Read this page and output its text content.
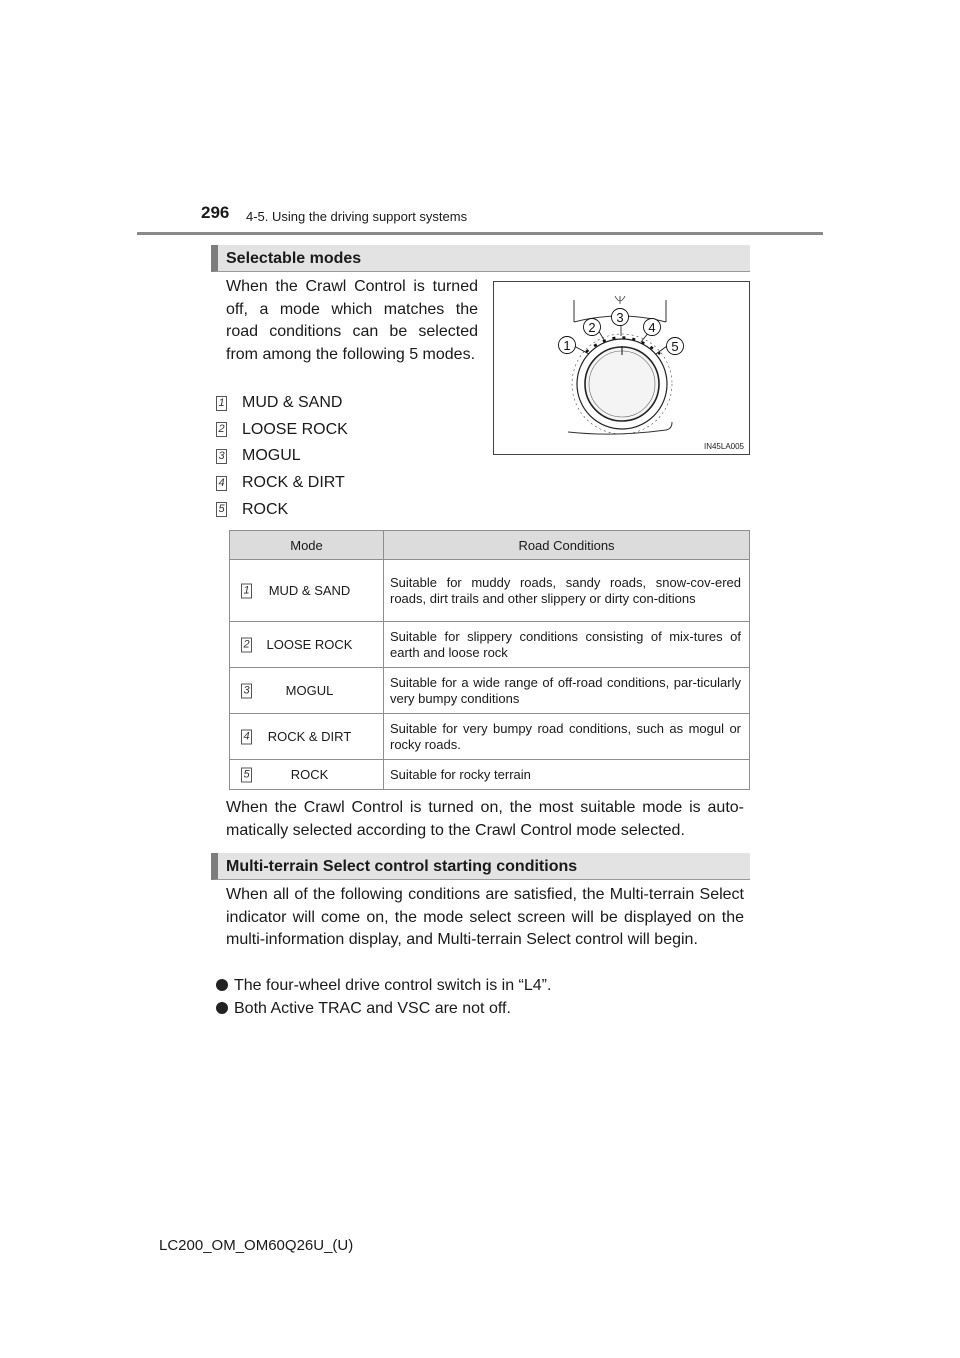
296 4-5. Using the driving support systems
Selectable modes

When the Crawl Control is turned off, a mode which matches the road conditions can be selected from among the following 5 modes.

1 MUD & SAND
2 LOOSE ROCK
3 MOGUL
4 ROCK & DIRT
5 ROCK
1
2
3
4
5
IN45LA005
Mode	Road Conditions

1 MUD & SAND	Suitable for muddy roads, sandy roads, snow-cov-ered roads, dirt trails and other slippery or dirty con-ditions

2 LOOSE ROCK	Suitable for slippery conditions consisting of mix-tures of earth and loose rock

3 MOGUL	Suitable for a wide range of off-road conditions, par-ticularly very bumpy conditions

4 ROCK & DIRT	Suitable for very bumpy road conditions, such as mogul or rocky roads.

5 ROCK	Suitable for rocky terrain

When the Crawl Control is turned on, the most suitable mode is auto-matically selected according to the Crawl Control mode selected.

Multi-terrain Select control starting conditions

When all of the following conditions are satisfied, the Multi-terrain Select indicator will come on, the mode select screen will be displayed on the multi-information display, and Multi-terrain Select control will begin.

The four-wheel drive control switch is in “L4”.
Both Active TRAC and VSC are not off.
LC200_OM_OM60Q26U_(U)
